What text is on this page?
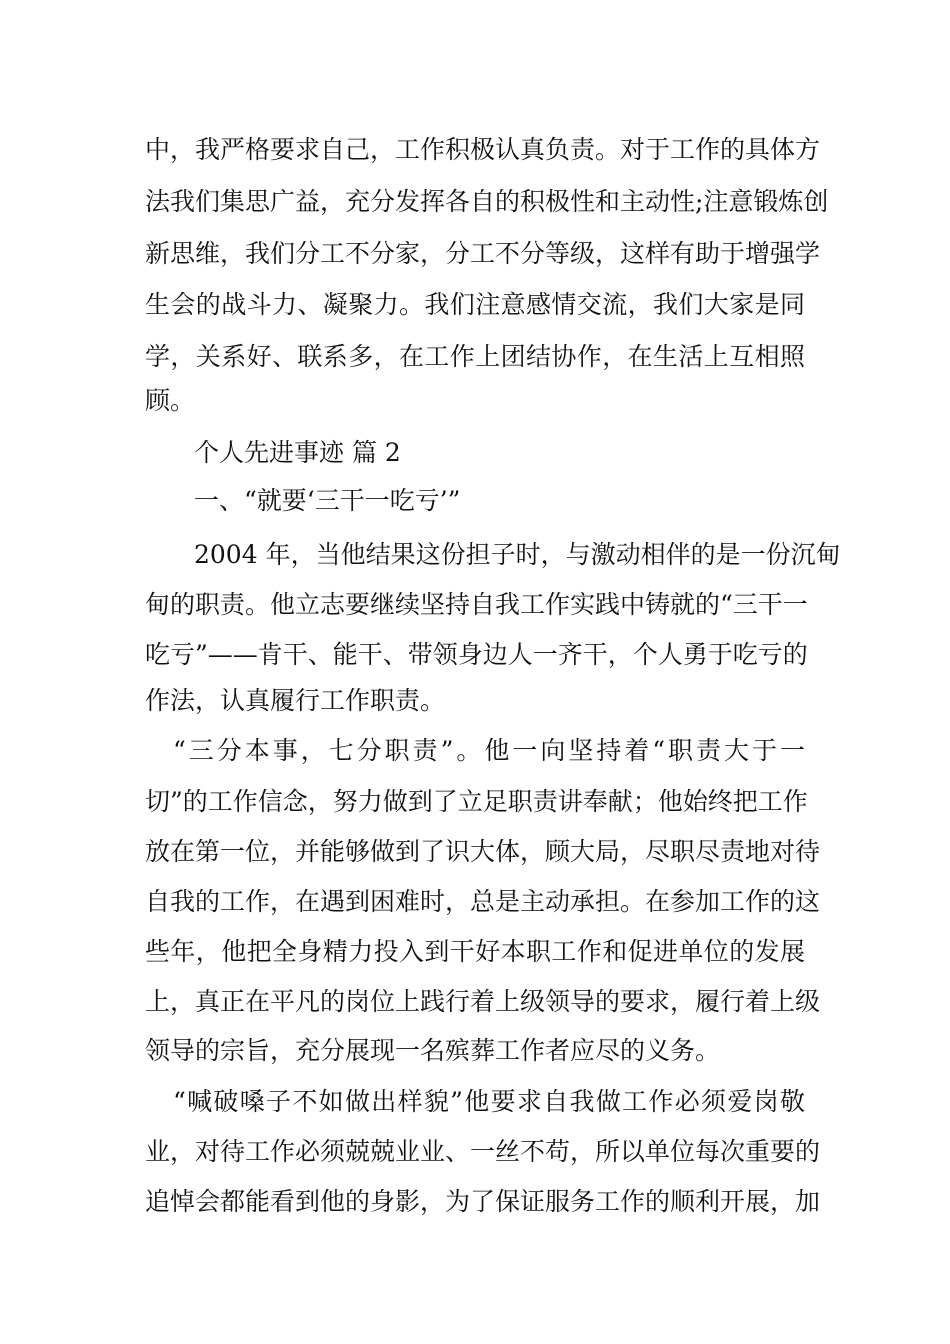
中，我严格要求自己，工作积极认真负责。对于工作的具体方
法我们集思广益，充分发挥各自的积极性和主动性;注意锻炼创
新思维，我们分工不分家，分工不分等级，这样有助于增强学
生会的战斗力、凝聚力。我们注意感情交流，我们大家是同
学，关系好、联系多，在工作上团结协作，在生活上互相照
顾。
个人先进事迹 篇 2
一、“就要‘三干一吃亏’”
2004 年，当他结果这份担子时，与激动相伴的是一份沉甸
甸的职责。他立志要继续坚持自我工作实践中铸就的“三干一
吃亏”——肯干、能干、带领身边人一齐干，个人勇于吃亏的
作法，认真履行工作职责。
“三分本事，七分职责”。他一向坚持着“职责大于一
切”的工作信念，努力做到了立足职责讲奉献；他始终把工作
放在第一位，并能够做到了识大体，顾大局，尽职尽责地对待
自我的工作，在遇到困难时，总是主动承担。在参加工作的这
些年，他把全身精力投入到干好本职工作和促进单位的发展
上，真正在平凡的岗位上践行着上级领导的要求，履行着上级
领导的宗旨，充分展现一名殡葬工作者应尽的义务。
“喊破嗓子不如做出样貌”他要求自我做工作必须爱岗敬
业，对待工作必须兢兢业业、一丝不苟，所以单位每次重要的
追悼会都能看到他的身影，为了保证服务工作的顺利开展，加
